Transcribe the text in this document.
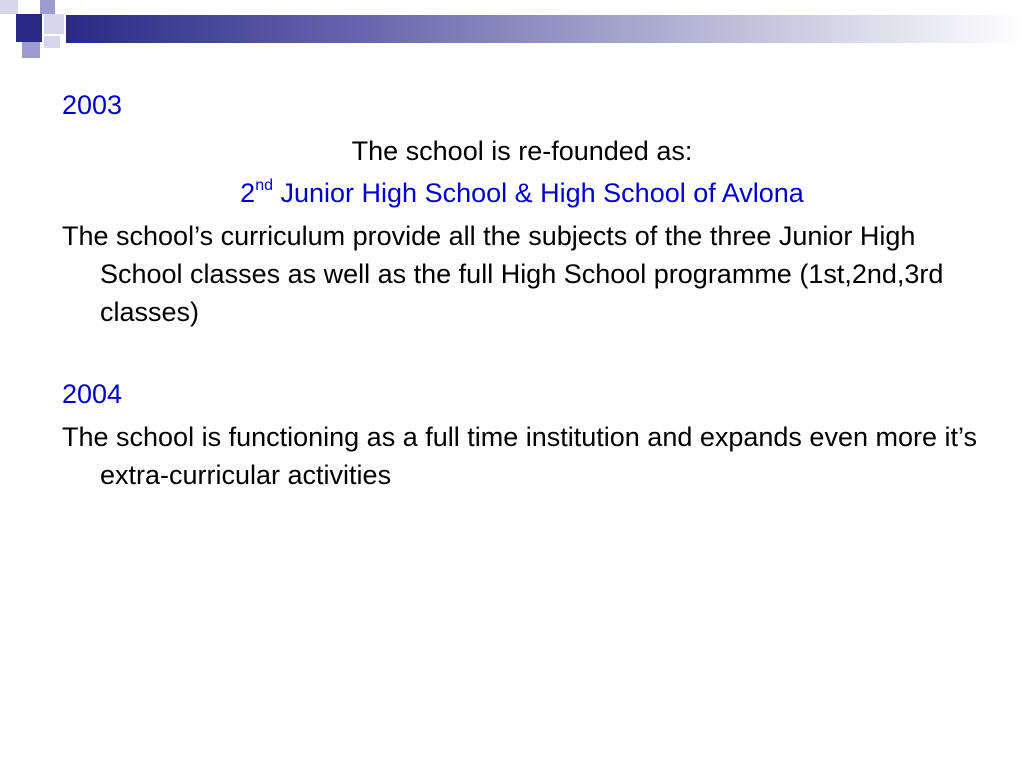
2003

The school is re-founded as:

2nd Junior High School & High School of Avlona

The school’s curriculum provide all the subjects of the three Junior High School classes as well as the full High School programme (1st,2nd,3rd classes)

2004

The school is functioning as a full time institution and expands even more it’s extra-curricular activities
